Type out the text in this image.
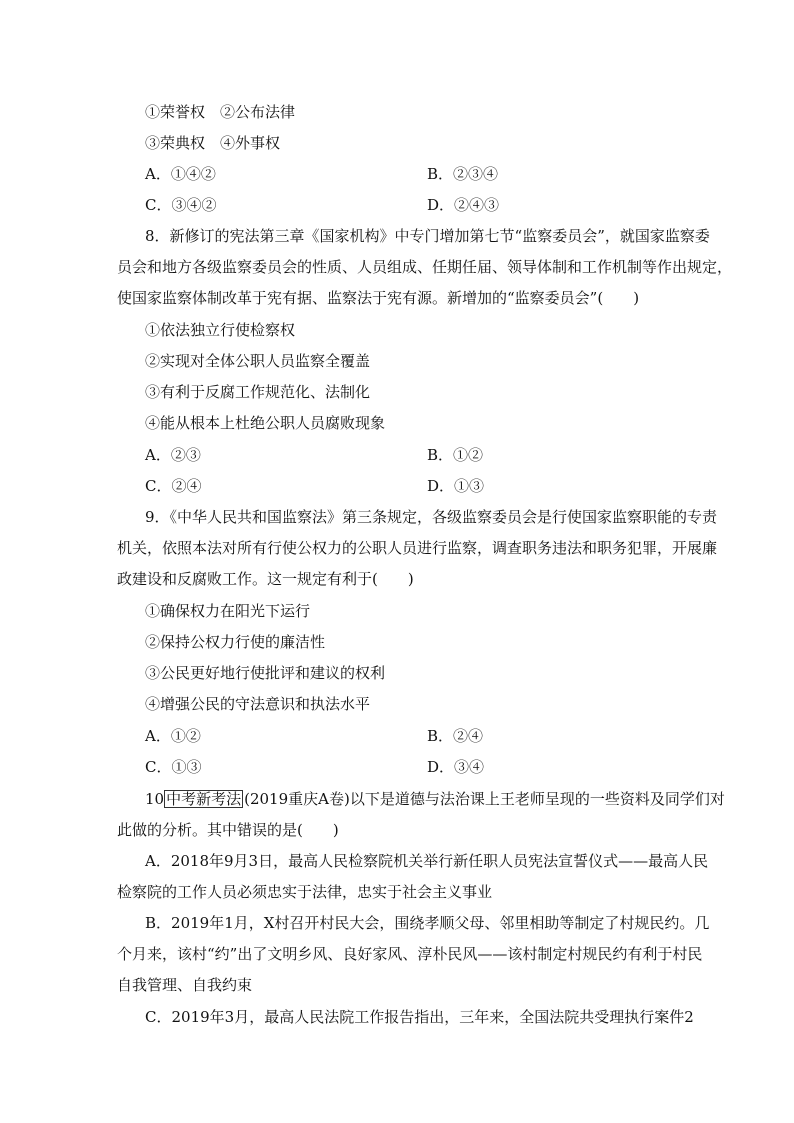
①荣誉权　②公布法律
③荣典权　④外事权
A．①④②	B．②③④
C．③④②	D．②④③
8．新修订的宪法第三章《国家机构》中专门增加第七节“监察委员会”，就国家监察委
员会和地方各级监察委员会的性质、人员组成、任期任届、领导体制和工作机制等作出规定，
使国家监察体制改革于宪有据、监察法于宪有源。新增加的“监察委员会”(　　)
①依法独立行使检察权
②实现对全体公职人员监察全覆盖
③有利于反腐工作规范化、法制化
④能从根本上杜绝公职人员腐败现象
A．②③	B．①②
C．②④	D．①③
9．《中华人民共和国监察法》第三条规定，各级监察委员会是行使国家监察职能的专责
机关，依照本法对所有行使公权力的公职人员进行监察，调查职务违法和职务犯罪，开展廉
政建设和反腐败工作。这一规定有利于(　　)
①确保权力在阳光下运行
②保持公权力行使的廉洁性
③公民更好地行使批评和建议的权利
④增强公民的守法意识和执法水平
A．①②	B．②④
C．①③	D．③④
10 中考新考法 (2019重庆A卷)以下是道德与法治课上王老师呈现的一些资料及同学们对
此做的分析。其中错误的是(　　)
A．2018年9月3日，最高人民检察院机关举行新任职人员宪法宣誓仪式——最高人民
检察院的工作人员必须忠实于法律，忠实于社会主义事业
B．2019年1月，X村召开村民大会，围绕孝顺父母、邻里相助等制定了村规民约。几
个月来，该村“约”出了文明乡风、良好家风、淳朴民风——该村制定村规民约有利于村民
自我管理、自我约束
C．2019年3月，最高人民法院工作报告指出，三年来，全国法院共受理执行案件2
